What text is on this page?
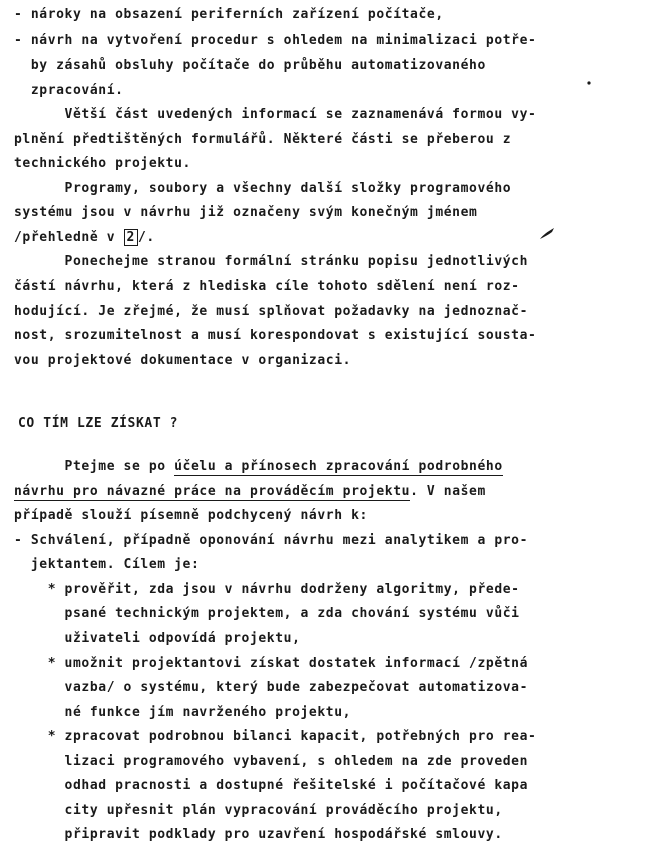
- nároky na obsazení periferních zařízení počítače,
- návrh na vytvoření procedur s ohledem na minimalizaci potře-
by zásahů obsluhy počítače do průběhu automatizovaného
zpracování.
Větší část uvedených informací se zaznamenává formou vy-
plnění předtištěných formulářů. Některé části se přeberou z
technického projektu.
Programy, soubory a všechny další složky programového
systému jsou v návrhu již označeny svým konečným jménem
/přehledně v 2 /.
Ponechejme stranou formální stránku popisu jednotlivých
částí návrhu, která z hlediska cíle tohoto sdělení není roz-
hodující. Je zřejmé, že musí splňovat požadavky na jednoznač-
nost, srozumitelnost a musí korespondovat s existující sousta-
vou projektové dokumentace v organizaci.
CO TÍM LZE ZÍSKAT ?
Ptejme se po účelu a přínosech zpracování podrobného
návrhu pro návazné práce na prováděcím projektu. V našem
případě slouží písemně podchycený návrh k:
- Schválení, případně oponování návrhu mezi analytikem a pro-
jektantem. Cílem je:
* prověřit, zda jsou v návrhu dodrženy algoritmy, přede-
psané technickým projektem, a zda chování systému vůči
uživateli odpovídá projektu,
* umožnit projektantovi získat dostatek informací /zpětná
vazba/ o systému, který bude zabezpečovat automatizova-
né funkce jím navrženého projektu,
* zpracovat podrobnou bilanci kapacit, potřebných pro rea-
lizaci programového vybavení, s ohledem na zde proveden
odhad pracnosti a dostupné řešitelské i počítačové kapa
city upřesnit plán vypracování prováděcího projektu,
připravit podklady pro uzavření hospodářské smlouvy.
